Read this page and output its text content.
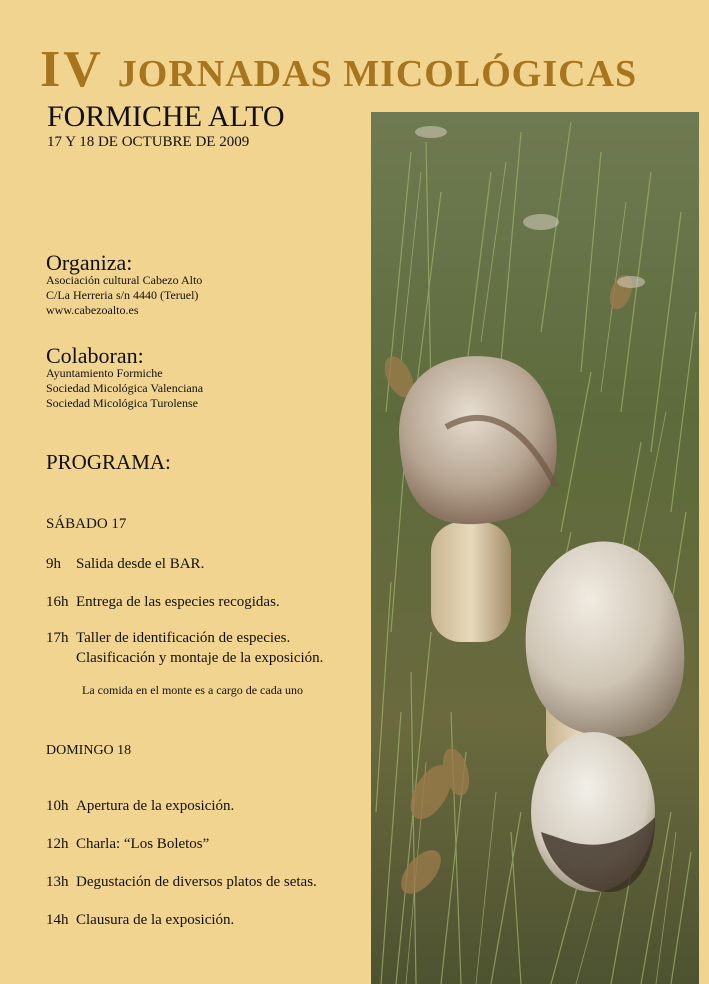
IV JORNADAS MICOLÓGICAS
FORMICHE ALTO
17 Y 18 DE OCTUBRE DE 2009
Organiza:
Asociación cultural Cabezo Alto
C/La Herreria s/n 4440 (Teruel)
www.cabezoalto.es
Colaboran:
Ayuntamiento Formiche
Sociedad Micológica Valenciana
Sociedad Micológica Turolense
PROGRAMA:
SÁBADO 17
9h Salida desde el BAR.
16h Entrega de las especies recogidas.
17h Taller de identificación de especies.
Clasificación y montaje de la exposición.
La comida en el monte es a cargo de cada uno
DOMINGO 18
10h Apertura de la exposición.
12h Charla: “Los Boletos”
13h Degustación de diversos platos de setas.
14h Clausura de la exposición.
